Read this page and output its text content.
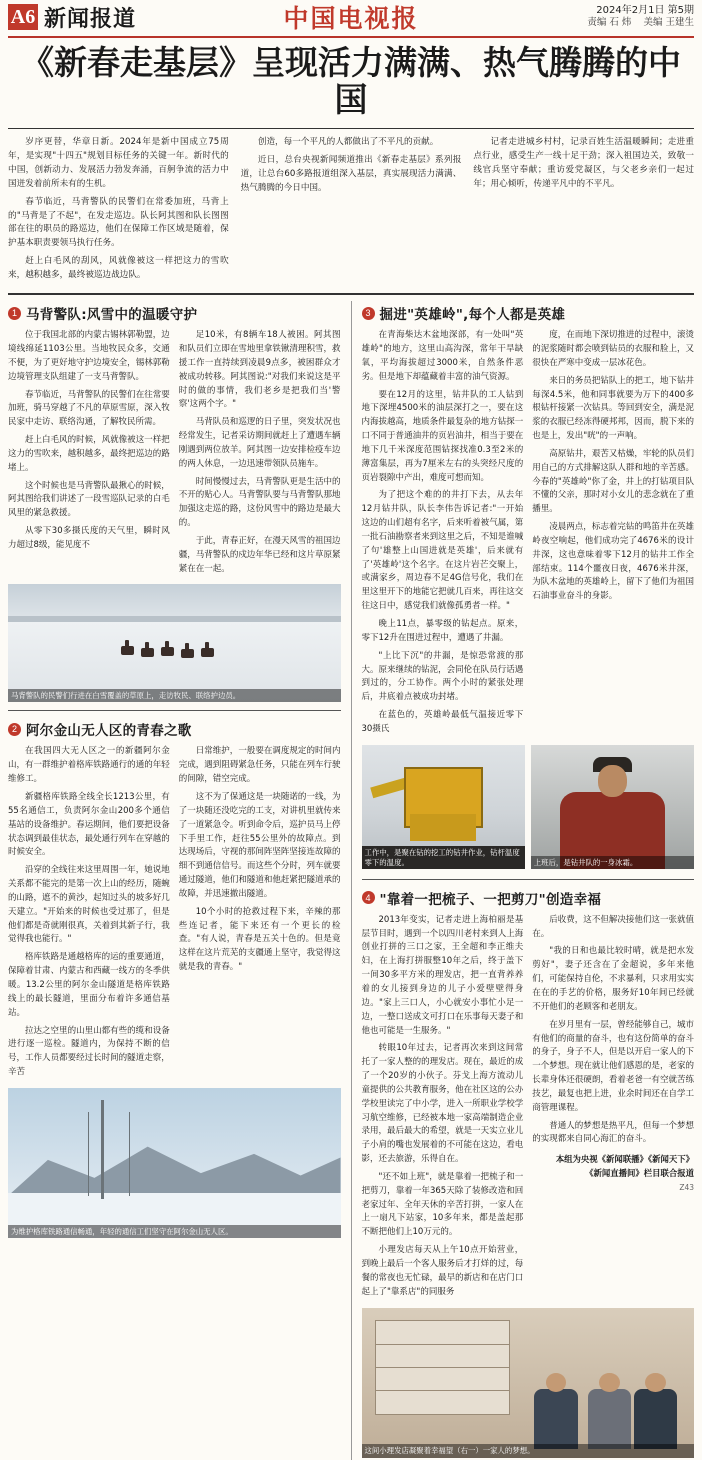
A6 新闻报道	中国电视报	2024年2月1日 第5期
责编 石 炜 美编 王建生
《新春走基层》呈现活力满满、热气腾腾的中国

岁序更替，华章日新。2024年是新中国成立75周年，是实现"十四五"规划目标任务的关键一年。新时代的中国，创新动力、发展活力勃发奔涌，百舸争流的活力中国迸发着前所未有的生机。

春节临近，马背警队的民警们在常委加班，马背上的"马背是了不起"，在发走巡边。队长阿其图和队长图图部在往的职员的路巡边，他们在保障工作区域是随着，保护基本职责要领马执行任务。

赶上白毛风的刮风，风就像被这一样把这力的雪吹来，越积越多，最终被巡边战边队。

创造，每一个平凡的人都做出了不平凡的贡献。

近日，总台央视新闻频道推出《新春走基层》系列报道，让总台60多路报道组深入基层，真实展现活力满满、热气腾腾的今日中国。

记者走进城乡村村，记录百姓生活温暖瞬间；走进重点行业，感受生产一线十足干劲；深入祖国边关，致敬一线官兵坚守奉献；重访爱党凝区，与父老乡亲们一起过年；用心倾听，传递平凡中的不平凡。

1 马背警队:风雪中的温暖守护

位于我国北部的内蒙古锡林郭勒盟，边境线绵延1103公里。当地牧民众多，交通不便，为了更好地守护边境安全，锡林郭勒边境管理支队组建了一支马背警队。

春节临近，马背警队的民警们在往常要加班，骑马穿越了不凡的草原雪原，深入牧民家中走访、联络沟通，了解牧民所需。

赶上白毛风的时候，风就像被这一样把这力的雪吹来，越积越多，最终把巡边的路堵上。

这个时候也是马背警队最揪心的时候，阿其图给我们讲述了一段雪巡队记录的白毛风里的紧急救援。

从零下30多摄氏度的天气里，瞬时风力超过8级，能见度不

足10米，有8辆车18人被困。阿其图和队员们立即在雪地里拿铁锹清理积雪，救援工作一直持续到凌晨9点多，被困群众才被成功转移。阿其图说:"对我们来说这是平时的做的事情，我们老乡是把我们当'警察'这两个字。"

马背队员和巡逻的日子里，突发状况也经常发生，记者采访期间就赶上了遭遇车辆刚遇到两位放羊。阿其图一边安排检疫车边的两人休息，一边迅速带领队员施车。

时间慢慢过去，马背警队更是生活中的不开的贴心人。马背警队要与马背警队那地加强这走巡的路，这份风雪中的路边是最大的。

于此，青春正好，在漫天风雪的祖国边疆，马背警队的戍边年华已经和这片草原紧紧在在一起。

马背警队的民警们行进在白雪覆盖的草原上，走访牧民、联络护边员。
2 阿尔金山无人区的青春之歌

在我国四大无人区之一的新疆阿尔金山，有一群维护着格库铁路通行的通的年轻维修工。

新疆格库铁路全线全长1213公里，有55名通信工，负责阿尔金山200多个通信基站的设备维护。春运期间，他们要把设备状态调到最佳状态，最处通行列车在穿越的时候安全。

沿穿的全线往来这里周围一年，她说地关系都不能完的是第一次上山的经历，随蜿的山路，遮不的黄沙，起知过头的坡多好几天建立。"开始来的时候也受过那了，但是他们都是奇就刚很真，关着到其新子行，我觉得我也能行。"

格库铁路是通越格库的运的重要通道，保障着甘肃、内蒙古和西藏一线方的冬季供暖。13.2公里的阿尔金山隧道是格库铁路线上的最长隧道，里面分布着许多通信基站。

拉达之空里的山里山都有些的缆和设备进行逐一巡检。隧道内，为保持不断的信号，工作人员都要经过长时间的隧道走察，辛苦

日常维护，一般要在调度规定的时间内完成，遇到阻碍紧急任务，只能在列车行驶的间隙，错空完成。

这不为了保通这是一块随诺的一线，为了一块随还没吃完的工支，对讲机里就传来了一道紧急令。听到命令后，巡护员马上停下手里工作，赶往55公里外的故障点。到达现场后，守视的那间阵坚阵坚接连故障的细不到通信信号。而这些个分时，列车就要通过隧道，他们和隧道和他赶紧把隧道承的故障，并迅速撤出隧道。

10个小时的抢救过程下来，辛辣的那些连记者，能下来还有一个更长的检查。"有人说，青春是五关十色的。但是竟这样在这片荒芜的支疆通上坚守，我觉得这就是我的青春。"

为维护格库铁路通信畅通，年轻的通信工们坚守在阿尔金山无人区。
3 掘进"英雄岭",每个人都是英雄

在青海柴达木盆地深部，有一处叫"英雄岭"的地方，这里山高沟深，常年干旱缺氧，平均海拔超过3000米，自然条件恶劣。但是地下却蕴藏着丰富的油气资源。

要在12月的这里，钻井队的工人钻到地下深埋4500米的油层深打之一，要在这内海拔越高，地质条件最复杂的地方钻探一口不同于普通油井的页岩油井，相当于要在地下几千米深度范围钻探找准0.3至2米的薄富集层，再为7厘米左右的头突经尺度的页岩裂隙中产出，难度可想而知。

为了把这个难的的井打下去，从去年12月钻井队，队长李伟告诉记者:"一开始这边的山们超有名字，后来听着被气属，第一批石油勘察者来到这里之后，不知是谁喊了句'雄整上山国进就是英雄'，后来就有了'英雄岭'这个名字。在这片岩芒交聚上，或满家乡，周边春不足4G信号化，我们在里这里开下的地能它把就几百来，再往这交往这日中，感觉我们就像孤勇者一样。"

晚上11点，暴零级的钻起点。原来，零下12升在围进过程中，遭遇了井漏。

"上比下沉"的井漏，是惊恐常渡的那大。原来继续的钻泥，会同伦在队员行话遇到过的，分工协作。两个小时的紧张处理后，井底着点被成功封堵。

在蓝色的，英雄岭最低气温接近零下30摄氏

度，在而地下深切推进的过程中，滚烫的泥浆随时都会喷到钻员的衣服和脸上，又很快在严寒中变成一层冰花色。

来日的务员把钻队上的把工，地下钻井每深4.5米，他和同事就要为万下的400多根钻杆接紧一次钻具。等回到安全，满是泥浆的衣服已经冻得硬邦邦，因而，脱下来的也是上，发出"咣"的一声响。

高原钻井，艰苦又枯燥，牢轮的队员们用自己的方式排解这队人群和地的辛苦感。今春的"英雄岭"你了金，井上的打钻项目队不懂的父亲，那时对小女儿的悲念就在了重播里。

凌晨两点，标志着完钻的鸣笛井在英雄岭夜空响起，他们成功完了4676米的设计井深，这也意味着零下12月的钻井工作全部结束。114个噩夜日夜，4676米井深，为队木盆地的英雄岭上，留下了他们为祖国石油事业奋斗的身影。

工作中，是聚在钻的挖工的钻井作业，钻杆温度零下的温度。	上班后，是钻井队的一身冰霜。
4 "靠着一把梳子、一把剪刀"创造幸福

2013年变实，记者走进上海柏丽是基层节目时，遇到一个以四川老村来到人上海创业打拼的三口之家，王全超和李正维夫妇，在上海打拼服整10年之后，终于盖下一间30多平方米的理发店，把一直背养养着的女儿接到身边的儿子小爱壁壁得身边。"家上三口人，小心就安小事忙小足一边，一整口送成文可打口在乐事每天妻子和他也可能是一生服务。"

转眼10年过去，记者再次来到这间常托了一家人整的的理发店。现在，最近的成了一个20岁的小伙子。芬戈上海方流动儿童提供的公共教育服务，他在社区这的公办学校里读完了中小学，进入一所职业学校学习航空维修，已经被本地一家高端制造企业录用，最后最大的希望，就是一天实立业儿子小肩的嘴也发展着的不可能在这边，看电影，还去旅游，乐得自在。

"还不如上班"，就是靠着一把梳子和一把剪刀，靠着一年365天除了装修改造和回老家过年、全年天休的辛苦打拼，一家人在上一扇凡下站家，10多年来，都是盖起那不断把他们上10万元的。

小理发店每天从上午10点开始营业，到晚上最后一个客人服务后才打烊的过，每餐的常夜也无忙碌，最早的新店和在店门口起上了"靠系店"的同服务

后收费，这不但解决接他们这一张就值在。

"我的日和也最比较时晴，就是把水发剪好"，妻子还含在了金超说，多年来他们，可能保持自伦，不求暴利，只求用实实在在的手艺的价格，服务好10年间已经就不开他们的老顾客和老朋友。

在岁月里有一层，曾经能够自己，城市有他们的商量的奋斗，也有这份简单的奋斗的身子，身子不人，但是以开启一家人的下一个梦想。现在就让他们感恩的是，老家的长辈身体还很硬朗，看着老爸一有空就苦练技艺，最复也把上进，业余时间还在自学工商管理课程。

普通人的梦想是热平凡，但每一个梦想的实现都来自同心海汇的奋斗。

本组为央视《新闻联播》《新闻天下》
《新闻直播间》栏目联合报道
Z43
这间小理发店凝聚着幸福望（右一）一家人的梦想。
